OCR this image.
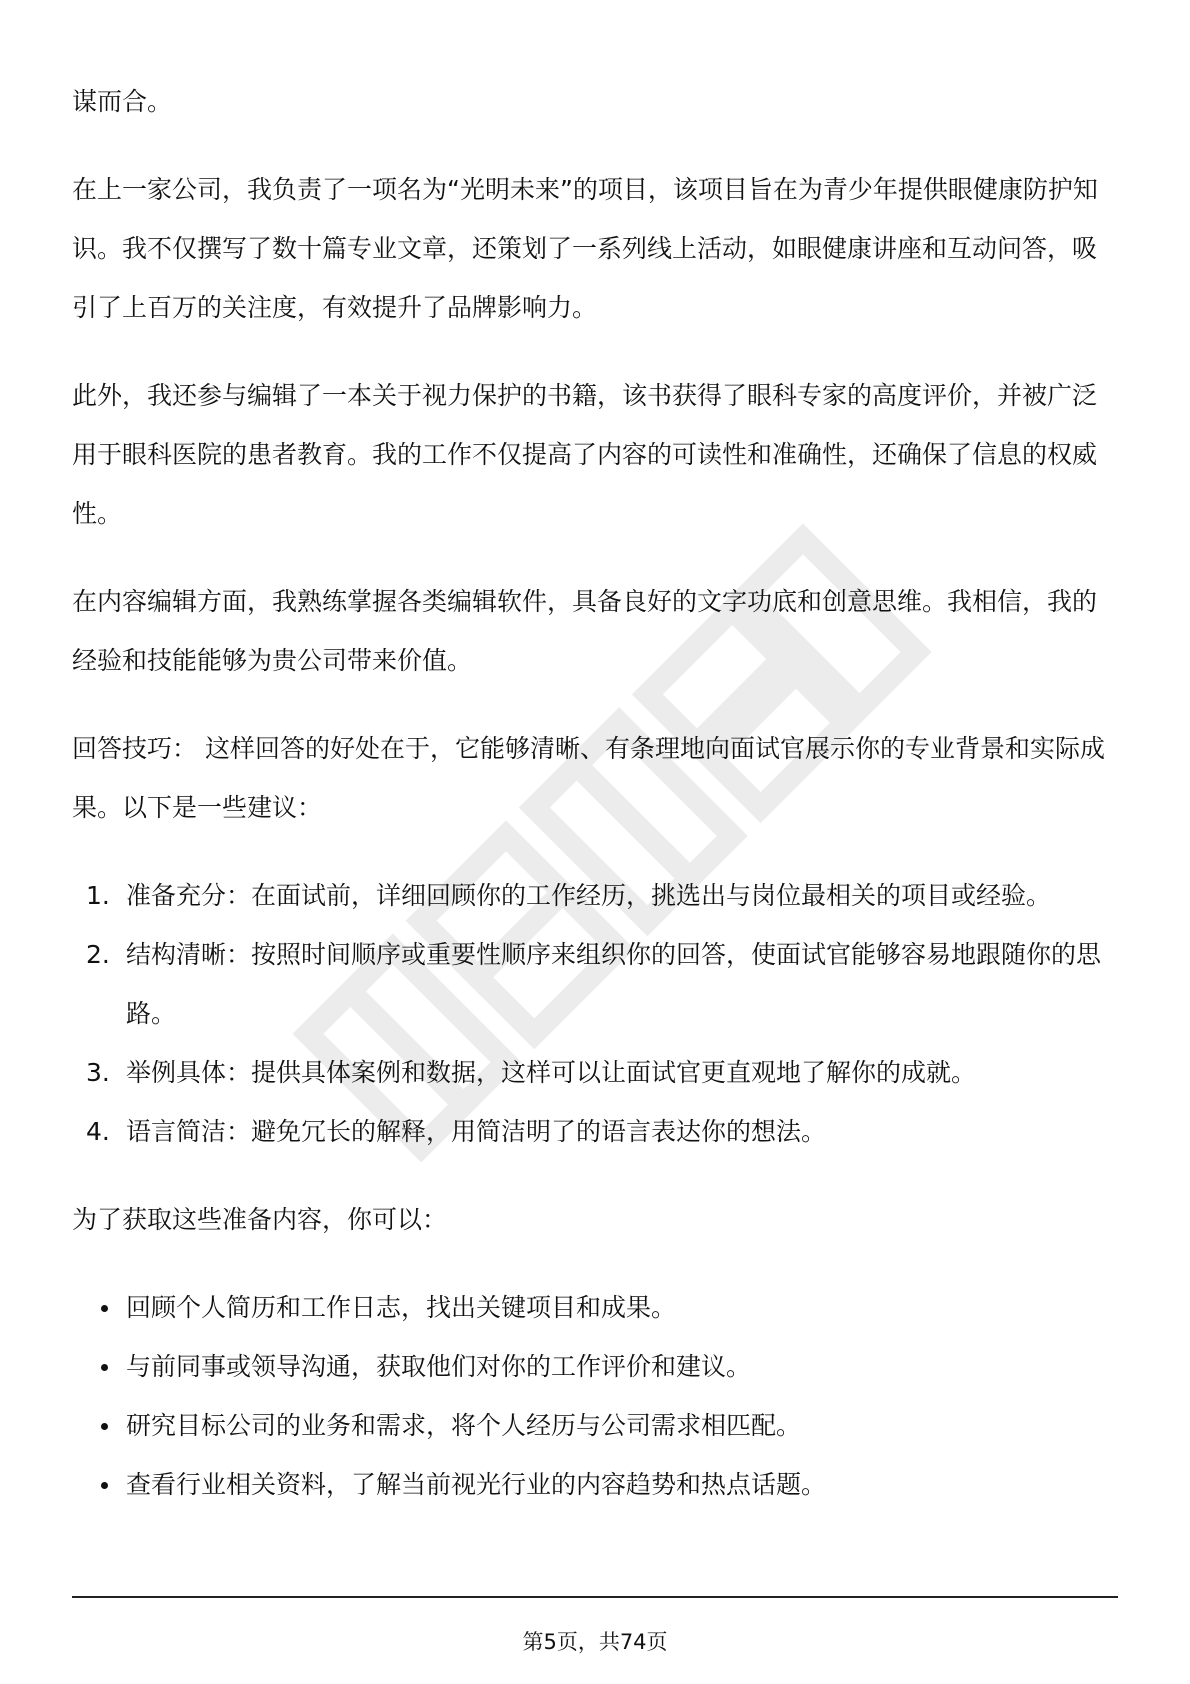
谋而合。

在上一家公司，我负责了一项名为“光明未来”的项目，该项目旨在为青少年提供眼健康防护知识。我不仅撰写了数十篇专业文章，还策划了一系列线上活动，如眼健康讲座和互动问答，吸引了上百万的关注度，有效提升了品牌影响力。

此外，我还参与编辑了一本关于视力保护的书籍，该书获得了眼科专家的高度评价，并被广泛用于眼科医院的患者教育。我的工作不仅提高了内容的可读性和准确性，还确保了信息的权威性。

在内容编辑方面，我熟练掌握各类编辑软件，具备良好的文字功底和创意思维。我相信，我的经验和技能能够为贵公司带来价值。

回答技巧： 这样回答的好处在于，它能够清晰、有条理地向面试官展示你的专业背景和实际成果。以下是一些建议：

1. 准备充分：在面试前，详细回顾你的工作经历，挑选出与岗位最相关的项目或经验。
2. 结构清晰：按照时间顺序或重要性顺序来组织你的回答，使面试官能够容易地跟随你的思路。
3. 举例具体：提供具体案例和数据，这样可以让面试官更直观地了解你的成就。
4. 语言简洁：避免冗长的解释，用简洁明了的语言表达你的想法。

为了获取这些准备内容，你可以：

回顾个人简历和工作日志，找出关键项目和成果。
与前同事或领导沟通，获取他们对你的工作评价和建议。
研究目标公司的业务和需求，将个人经历与公司需求相匹配。
查看行业相关资料，了解当前视光行业的内容趋势和热点话题。
第5页，共74页
